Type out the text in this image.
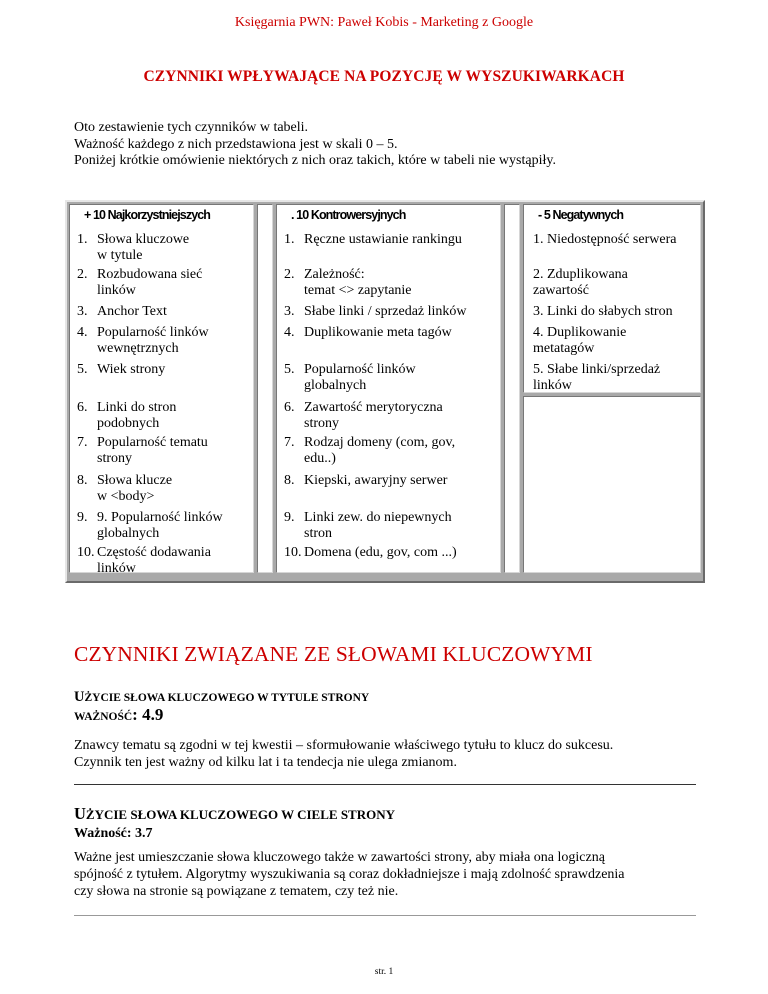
Księgarnia PWN: Paweł Kobis - Marketing z Google
CZYNNIKI WPŁYWAJĄCE NA POZYCJĘ W WYSZUKIWARKACH
Oto zestawienie tych czynników w tabeli.
Ważność każdego z nich przedstawiona jest w skali 0 – 5.
Poniżej krótkie omówienie niektórych z nich oraz takich, które w tabeli nie wystąpiły.
+ 10 Najkorzystniejszych
1. Słowa kluczowe
w tytule
2. Rozbudowana sieć
linków
3. Anchor Text
4. Popularność linków
wewnętrznych
5. Wiek strony
6. Linki do stron
podobnych
7. Popularność tematu
strony
8. Słowa klucze
w <body>
9. 9. Popularność linków
globalnych
10. Częstość dodawania
linków
. 10 Kontrowersyjnych
1. Ręczne ustawianie rankingu
2. Zależność:
temat <> zapytanie
3. Słabe linki / sprzedaż linków
4. Duplikowanie meta tagów
5. Popularność linków
globalnych
6. Zawartość merytoryczna
strony
7. Rodzaj domeny (com, gov,
edu..)
8. Kiepski, awaryjny serwer
9. Linki zew. do niepewnych
stron
10. Domena (edu, gov, com ...)
- 5 Negatywnych
1. Niedostępność serwera
2. Zduplikowana
zawartość
3. Linki do słabych stron
4. Duplikowanie
metatagów
5. Słabe linki/sprzedaż
linków
CZYNNIKI ZWIĄZANE ZE SŁOWAMI KLUCZOWYMI
UŻYCIE SŁOWA KLUCZOWEGO W TYTULE STRONY
WAŻNOŚĆ: 4.9
Znawcy tematu są zgodni w tej kwestii – sformułowanie właściwego tytułu to klucz do sukcesu.
Czynnik ten jest ważny od kilku lat i ta tendecja nie ulega zmianom.
UŻYCIE SŁOWA KLUCZOWEGO W CIELE STRONY
Ważność: 3.7
Ważne jest umieszczanie słowa kluczowego także w zawartości strony, aby miała ona logiczną
spójność z tytułem. Algorytmy wyszukiwania są coraz dokładniejsze i mają zdolność sprawdzenia
czy słowa na stronie są powiązane z tematem, czy też nie.
str. 1
